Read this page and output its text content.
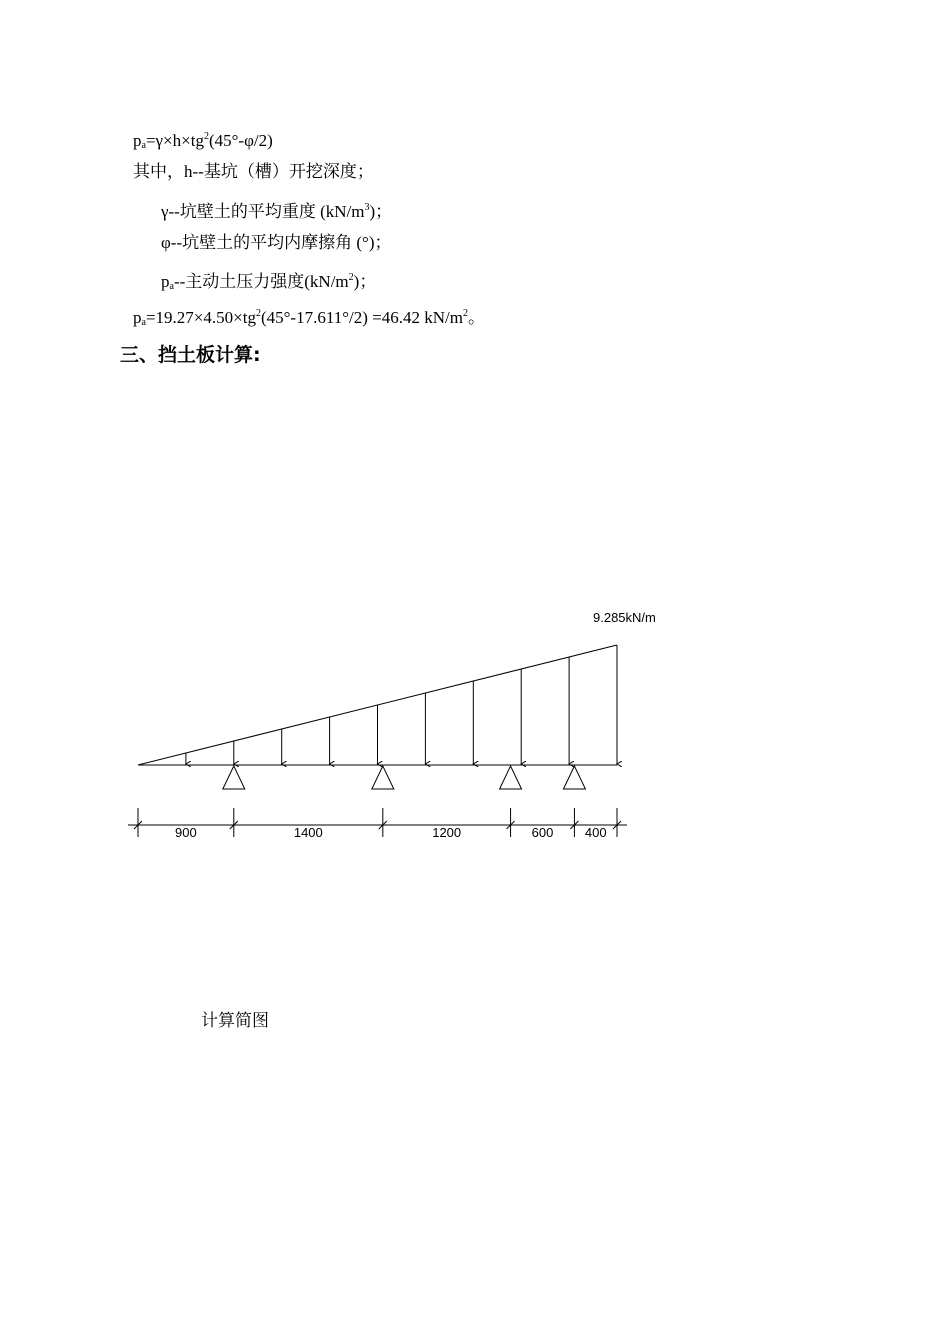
$p_a=\gamma\times h\times tg^2(45^\circ-\varphi/2)$
其中，h--基坑（槽）开挖深度；
γ--坑壁土的平均重度 $(kN/m^3)$；
φ--坑壁土的平均内摩擦角 (°)；
$p_a--$主动土压力强度$(kN/m^2)$；
$p_a=19.27\times 4.50\times tg^2(45^\circ-17.611^\circ/2) =46.42$ $kN/m^2$。
三、挡土板计算:
900	1400	1200	600 400
9.285kN/m
计算简图
